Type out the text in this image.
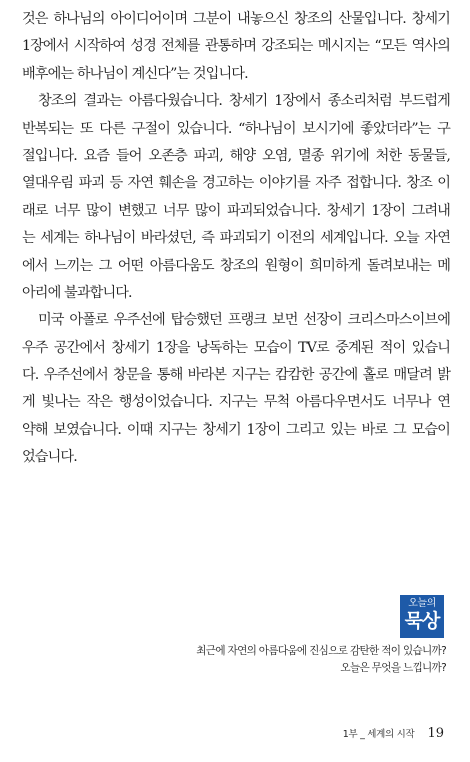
것은 하나님의 아이디어이며 그분이 내놓으신 창조의 산물입니다. 창세기
1장에서 시작하여 성경 전체를 관통하며 강조되는 메시지는 “모든 역사의
배후에는 하나님이 계신다”는 것입니다.
창조의 결과는 아름다웠습니다. 창세기 1장에서 종소리처럼 부드럽게
반복되는 또 다른 구절이 있습니다. “하나님이 보시기에 좋았더라”는 구
절입니다. 요즘 들어 오존층 파괴, 해양 오염, 멸종 위기에 처한 동물들,
열대우림 파괴 등 자연 훼손을 경고하는 이야기를 자주 접합니다. 창조 이
래로 너무 많이 변했고 너무 많이 파괴되었습니다. 창세기 1장이 그려내
는 세계는 하나님이 바라셨던, 즉 파괴되기 이전의 세계입니다. 오늘 자연
에서 느끼는 그 어떤 아름다움도 창조의 원형이 희미하게 돌려보내는 메
아리에 불과합니다.
미국 아폴로 우주선에 탑승했던 프랭크 보먼 선장이 크리스마스이브에
우주 공간에서 창세기 1장을 낭독하는 모습이 TV로 중계된 적이 있습니
다. 우주선에서 창문을 통해 바라본 지구는 캄캄한 공간에 홀로 매달려 밝
게 빛나는 작은 행성이었습니다. 지구는 무척 아름다우면서도 너무나 연
약해 보였습니다. 이때 지구는 창세기 1장이 그리고 있는 바로 그 모습이
었습니다.
오늘의
묵상
최근에 자연의 아름다움에 진심으로 감탄한 적이 있습니까?
오늘은 무엇을 느낍니까?
1부 _ 세계의 시작 19
